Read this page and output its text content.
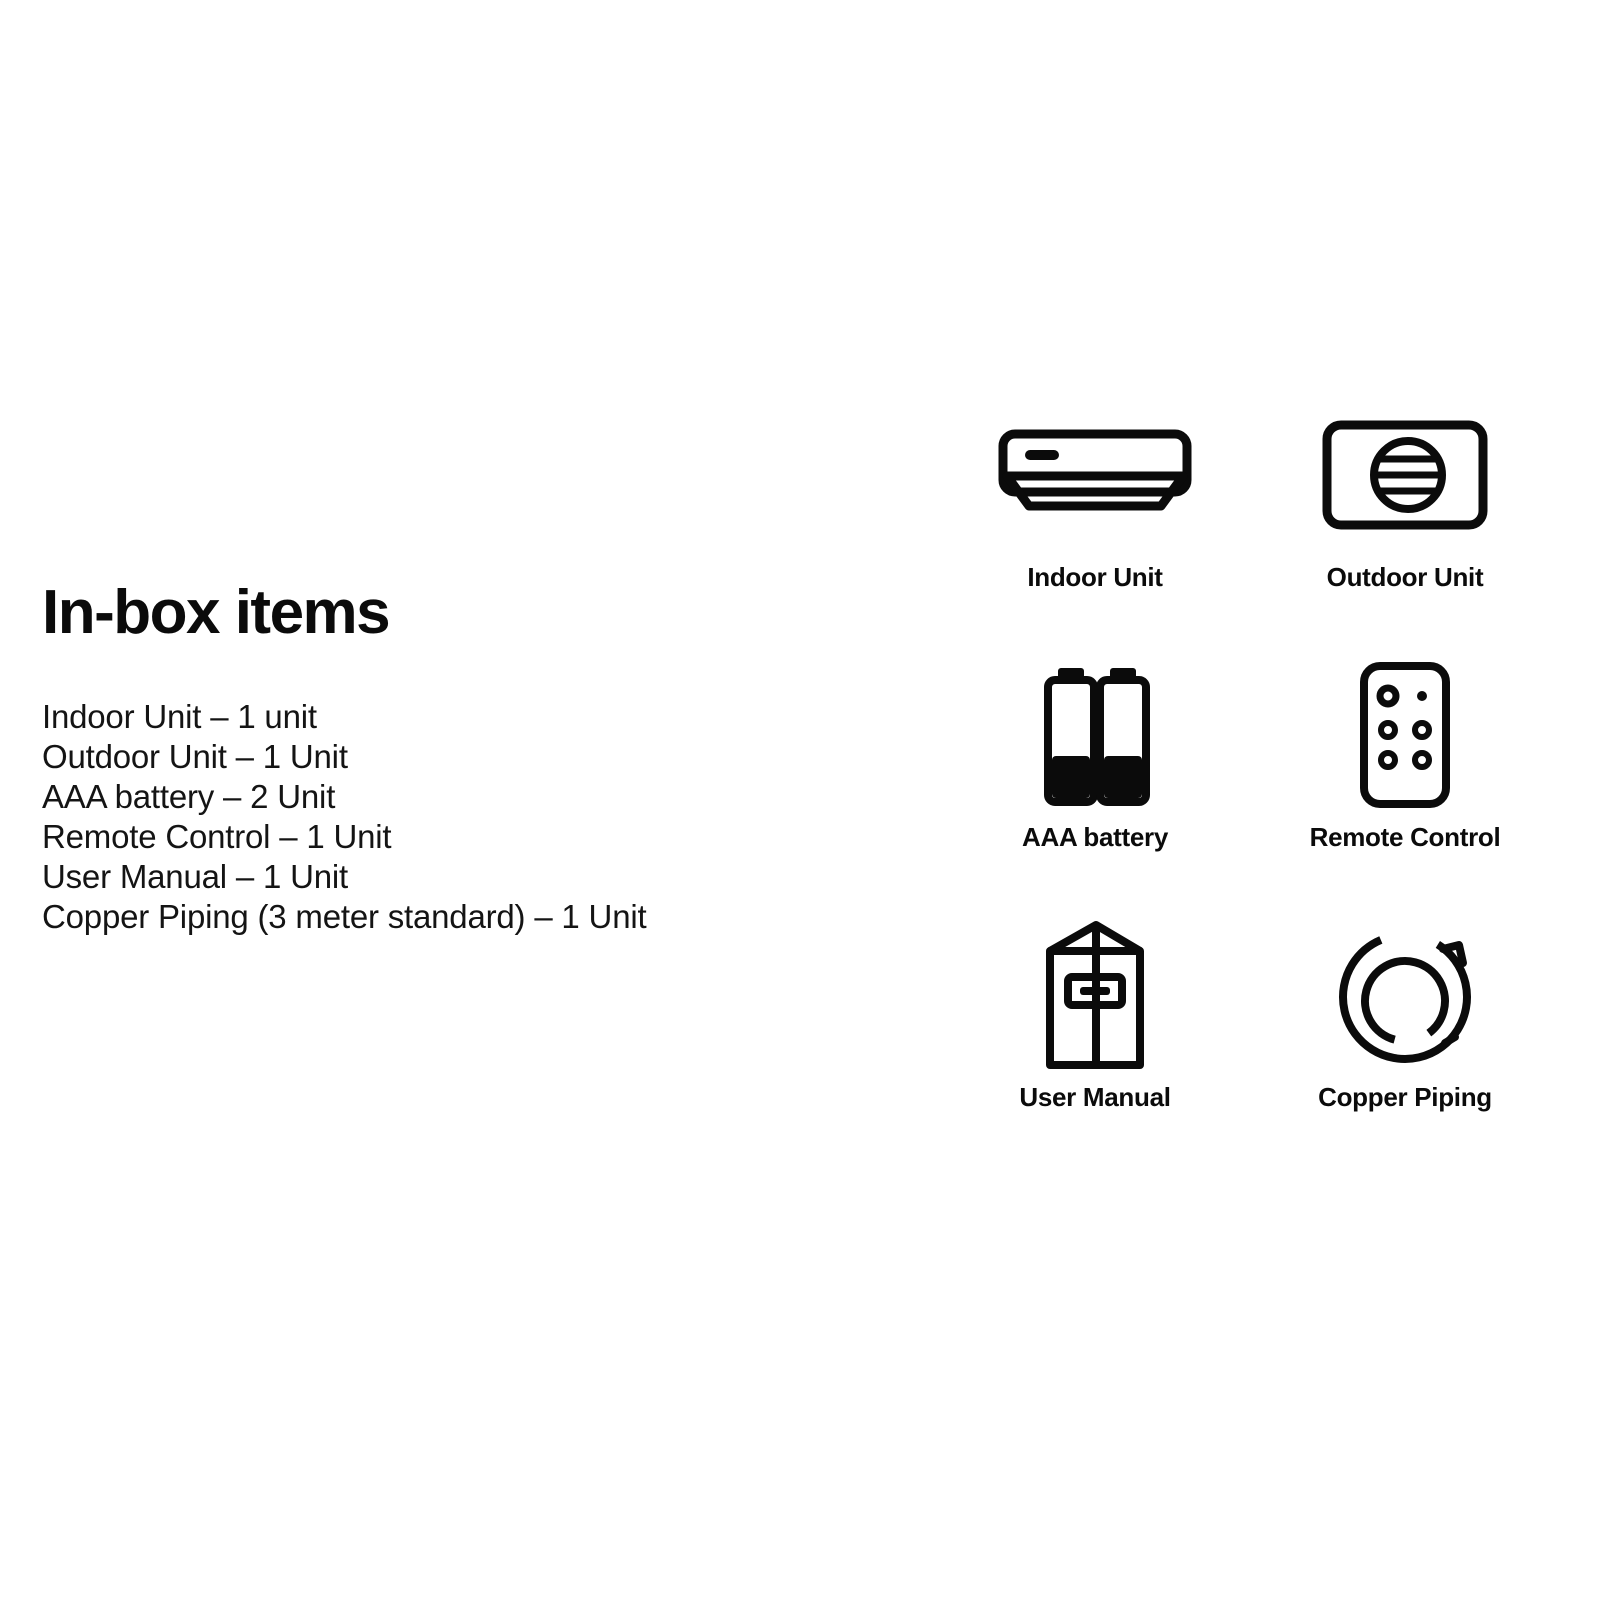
In-box items
Indoor Unit – 1 unit
Outdoor Unit – 1 Unit
AAA battery – 2 Unit
Remote Control – 1 Unit
User Manual – 1 Unit
Copper Piping (3 meter standard) – 1 Unit
Indoor Unit	Outdoor Unit
AAA battery	Remote Control
User Manual	Copper Piping
